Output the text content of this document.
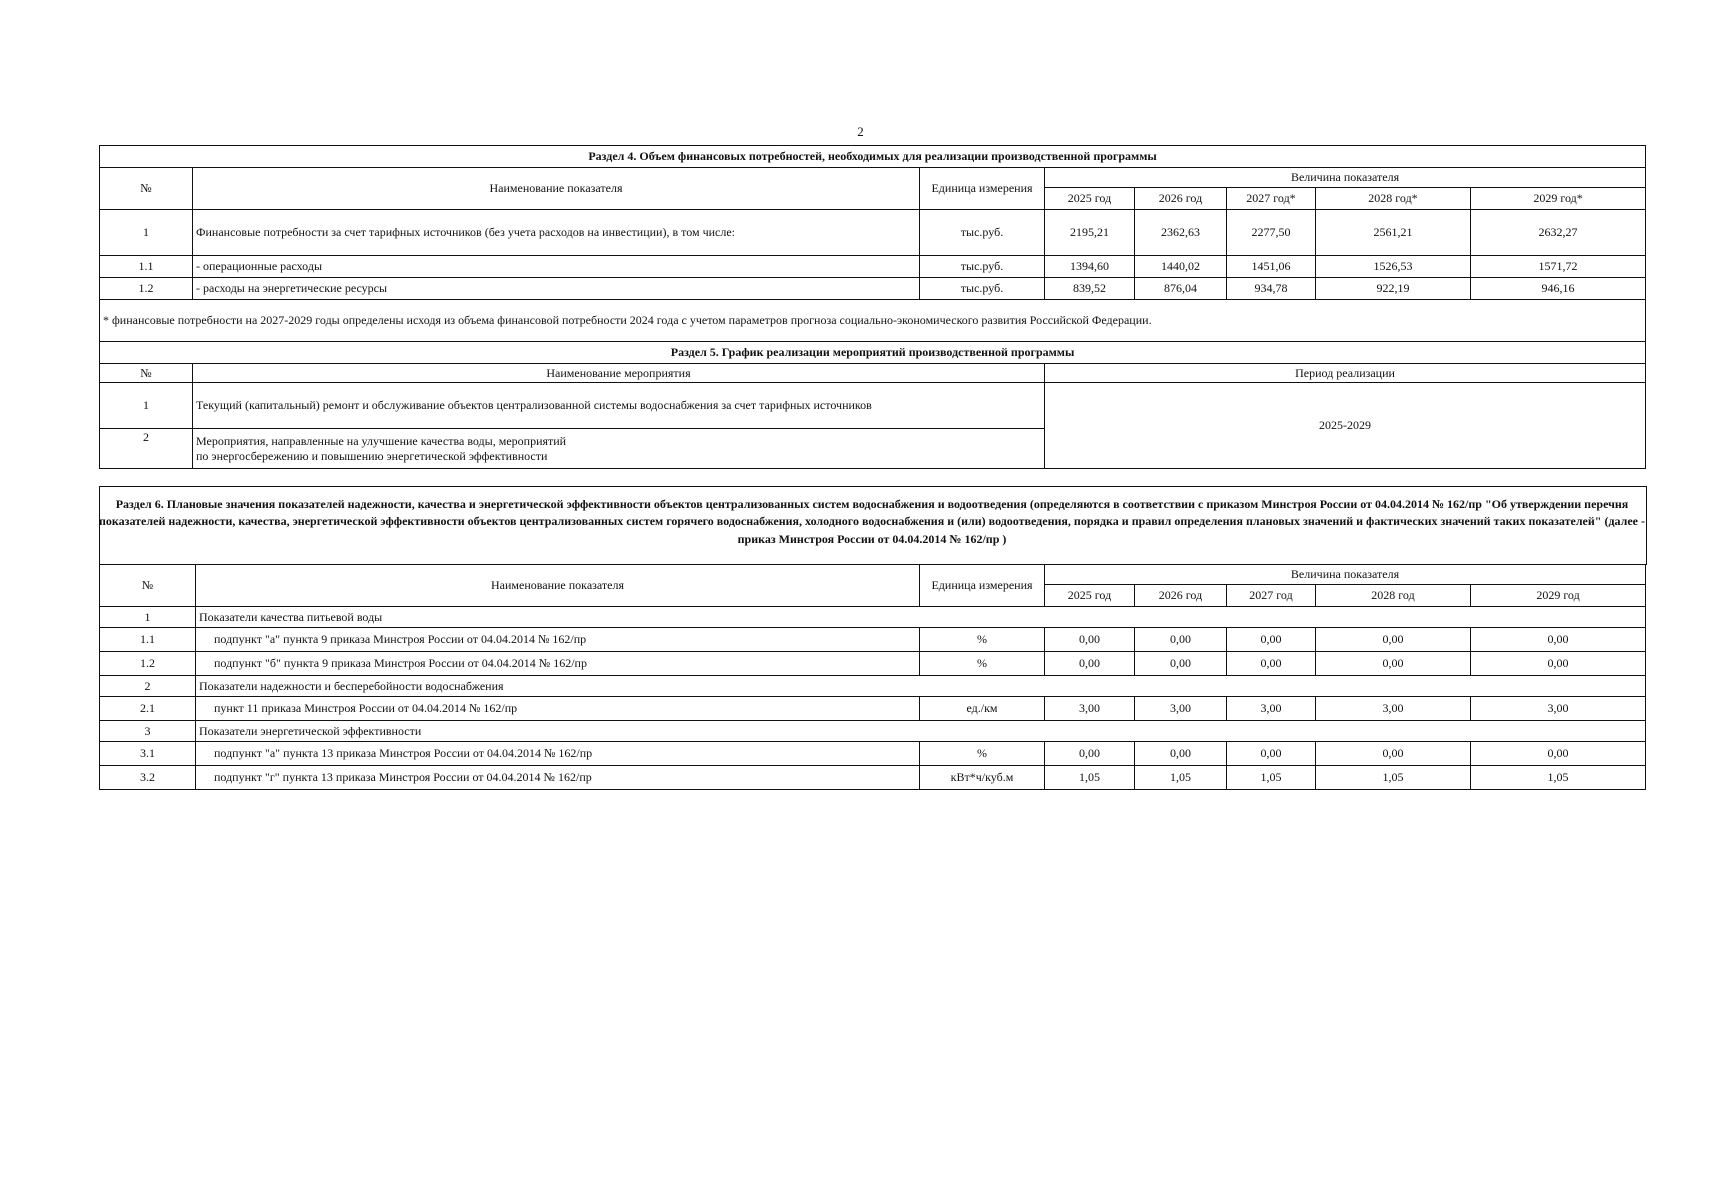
2
Раздел 4. Объем финансовых потребностей, необходимых для реализации производственной программы							
№	Наименование показателя	Единица измерения	Величина показателя				
			2025 год	2026 год	2027 год*	2028 год*	2029 год*
1	Финансовые потребности за счет тарифных источников (без учета расходов на инвестиции), в том числе:	тыс.руб.	2195,21	2362,63	2277,50	2561,21	2632,27
1.1	- операционные расходы	тыс.руб.	1394,60	1440,02	1451,06	1526,53	1571,72
1.2	- расходы на энергетические ресурсы	тыс.руб.	839,52	876,04	934,78	922,19	946,16
* финансовые потребности на 2027-2029 годы определены исходя из объема финансовой потребности 2024 года с учетом параметров прогноза социально-экономического развития Российской Федерации.							
Раздел 5. График реализации мероприятий производственной программы							
№	Наименование мероприятия		Период реализации				
1	Текущий (капитальный) ремонт и обслуживание объектов централизованной системы водоснабжения за счет тарифных источников		2025-2029				
2	Мероприятия, направленные на улучшение качества воды, мероприятий
по энергосбережению и повышению энергетической эффективности						
Раздел 6. Плановые значения показателей надежности, качества и энергетической эффективности объектов централизованных систем водоснабжения и водоотведения (определяются в соответствии с приказом Минстроя России от 04.04.2014 № 162/пр "Об утверждении перечня показателей надежности, качества, энергетической эффективности объектов централизованных систем горячего водоснабжения, холодного водоснабжения и (или) водоотведения, порядка и правил определения плановых значений и фактических значений таких показателей" (далее - приказ Минстроя России от 04.04.2014 № 162/пр )
№	Наименование показателя	Единица измерения	Величина показателя				
			2025 год	2026 год	2027 год	2028 год	2029 год
1	Показатели качества питьевой воды						
1.1	подпункт "а" пункта 9 приказа Минстроя России от 04.04.2014 № 162/пр	%	0,00	0,00	0,00	0,00	0,00
1.2	подпункт "б" пункта 9 приказа Минстроя России от 04.04.2014 № 162/пр	%	0,00	0,00	0,00	0,00	0,00
2	Показатели надежности и бесперебойности водоснабжения						
2.1	пункт 11 приказа Минстроя России от 04.04.2014 № 162/пр	ед./км	3,00	3,00	3,00	3,00	3,00
3	Показатели энергетической эффективности						
3.1	подпункт "а" пункта 13 приказа Минстроя России от 04.04.2014 № 162/пр	%	0,00	0,00	0,00	0,00	0,00
3.2	подпункт "г" пункта 13 приказа Минстроя России от 04.04.2014 № 162/пр	кВт*ч/куб.м	1,05	1,05	1,05	1,05	1,05
